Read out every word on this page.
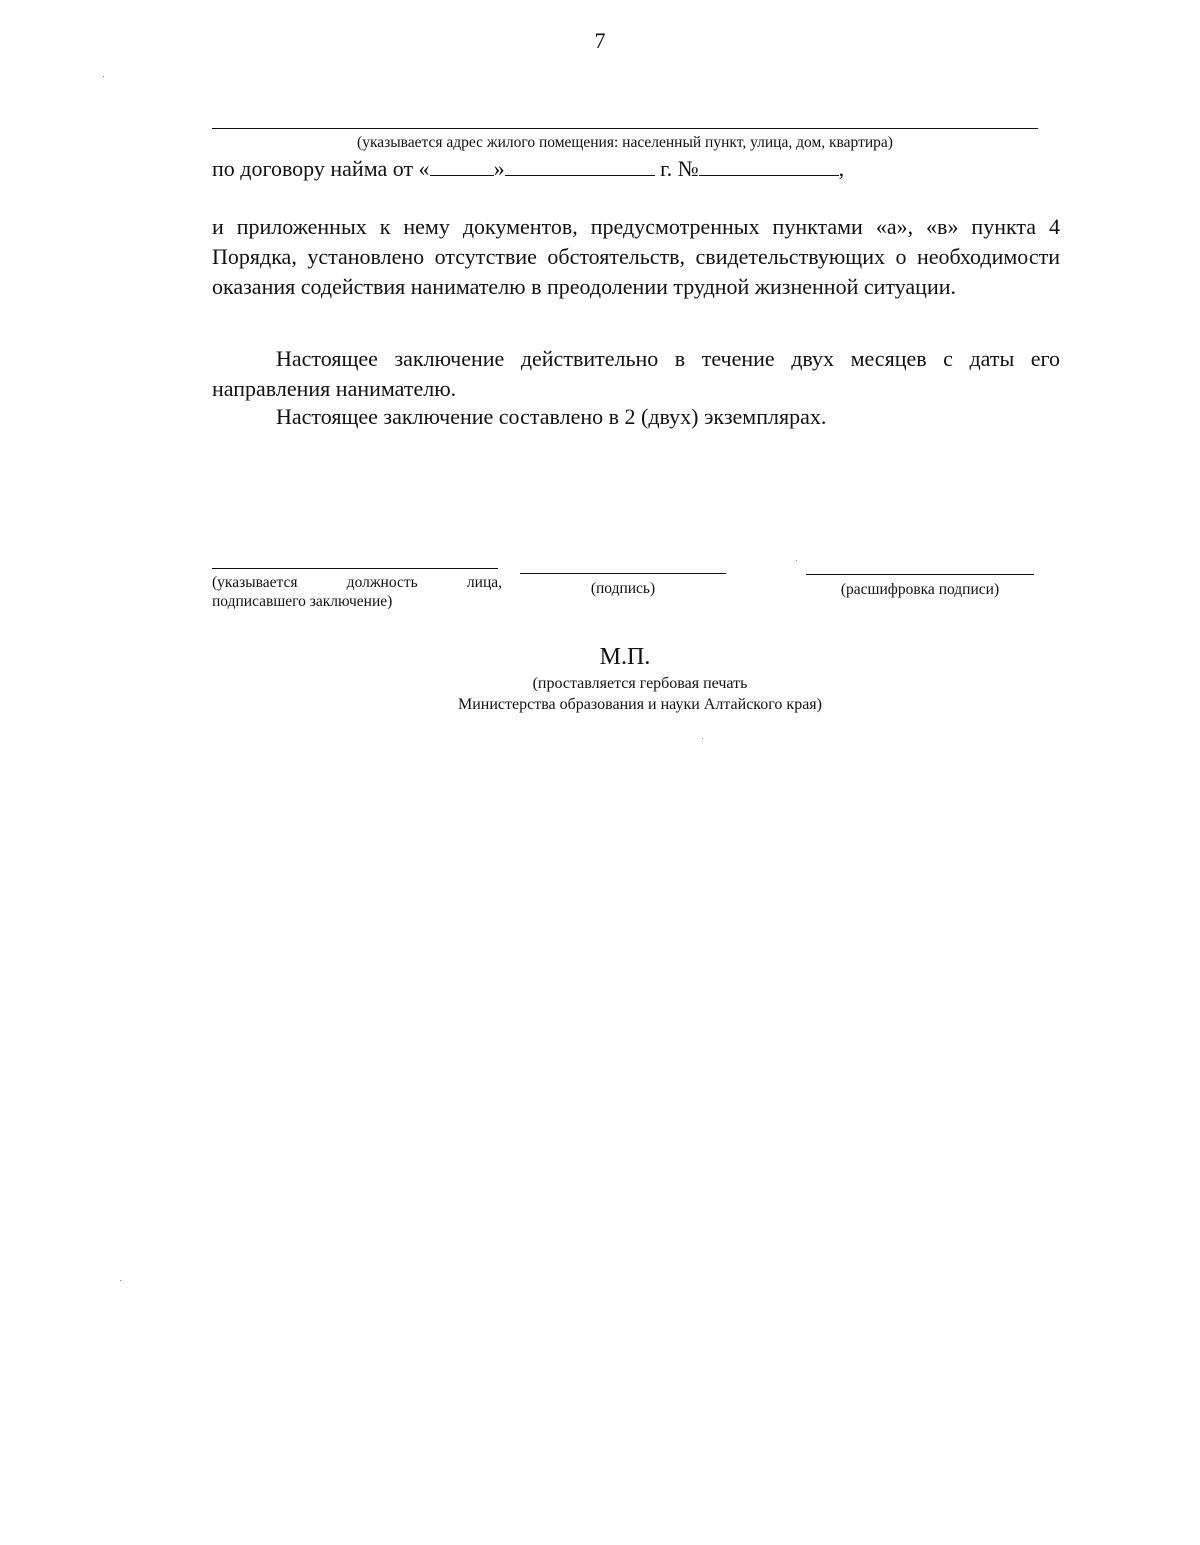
7
(указывается адрес жилого помещения: населенный пункт, улица, дом, квартира)
по договору найма от «	»	г. №	,

и приложенных к нему документов, предусмотренных пунктами «а», «в» пункта 4 Порядка, установлено отсутствие обстоятельств, свидетельствующих о необходимости оказания содействия нанимателю в преодолении трудной жизненной ситуации.

Настоящее заключение действительно в течение двух месяцев с даты его направления нанимателю.

Настоящее заключение составлено в 2 (двух) экземплярах.

(указывается должность лица,
подписавшего заключение)
(подпись)	(расшифровка подписи)
М.П.
(проставляется гербовая печать
Министерства образования и науки Алтайского края)
